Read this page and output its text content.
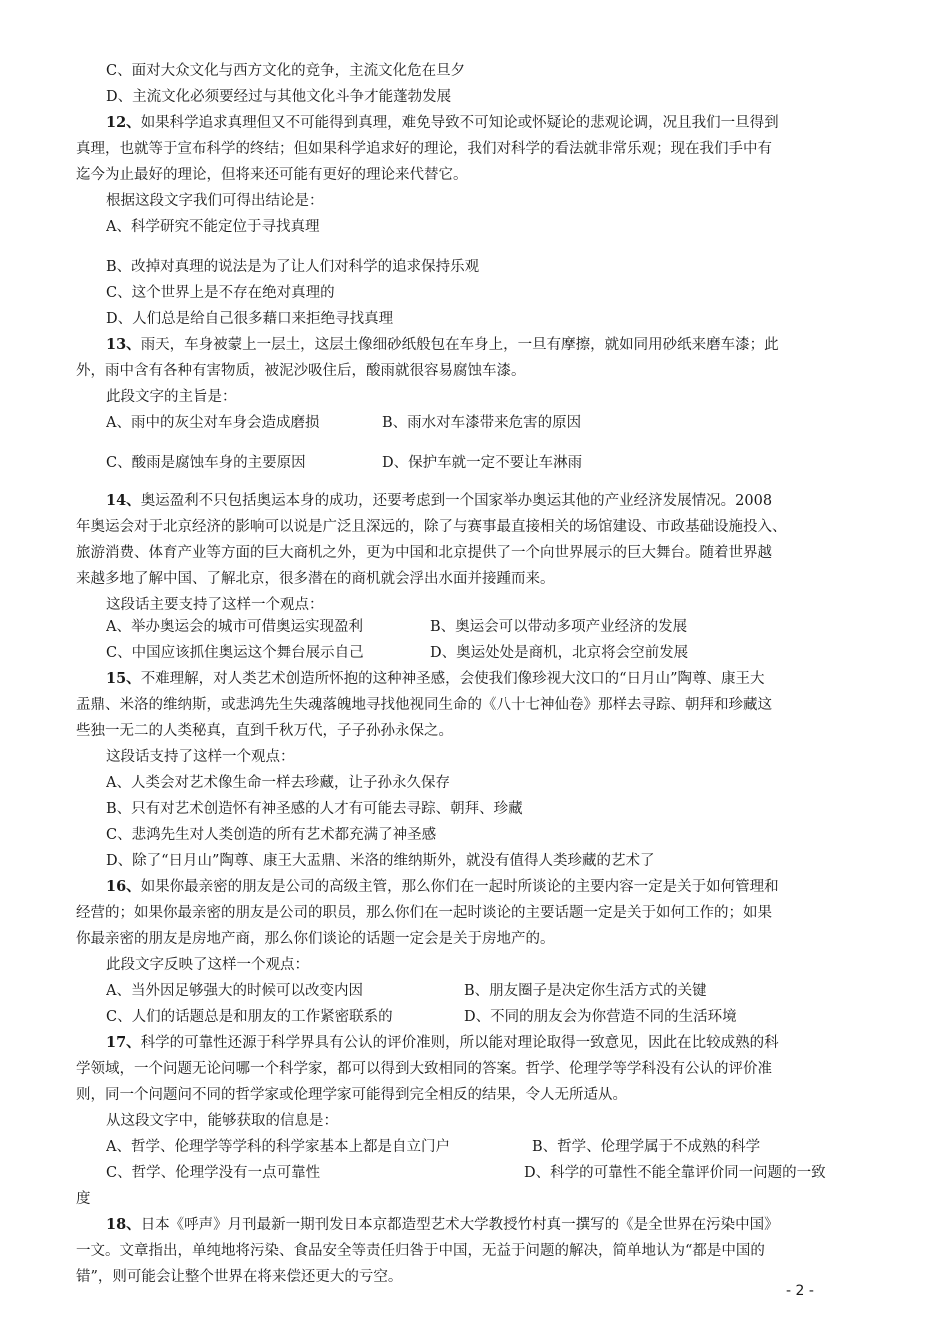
C、面对大众文化与西方文化的竞争，主流文化危在旦夕
D、主流文化必须要经过与其他文化斗争才能蓬勃发展
12、如果科学追求真理但又不可能得到真理，难免导致不可知论或怀疑论的悲观论调，况且我们一旦得到
真理，也就等于宣布科学的终结；但如果科学追求好的理论，我们对科学的看法就非常乐观；现在我们手中有
迄今为止最好的理论，但将来还可能有更好的理论来代替它。
根据这段文字我们可得出结论是：
A、科学研究不能定位于寻找真理
B、改掉对真理的说法是为了让人们对科学的追求保持乐观
C、这个世界上是不存在绝对真理的
D、人们总是给自己很多藉口来拒绝寻找真理
13、雨天，车身被蒙上一层土，这层土像细砂纸般包在车身上，一旦有摩擦，就如同用砂纸来磨车漆；此
外，雨中含有各种有害物质，被泥沙吸住后，酸雨就很容易腐蚀车漆。
此段文字的主旨是：
A、雨中的灰尘对车身会造成磨损	B、雨水对车漆带来危害的原因
C、酸雨是腐蚀车身的主要原因	D、保护车就一定不要让车淋雨
14、奥运盈利不只包括奥运本身的成功，还要考虑到一个国家举办奥运其他的产业经济发展情况。2008
年奥运会对于北京经济的影响可以说是广泛且深远的，除了与赛事最直接相关的场馆建设、市政基础设施投入、
旅游消费、体育产业等方面的巨大商机之外，更为中国和北京提供了一个向世界展示的巨大舞台。随着世界越
来越多地了解中国、了解北京，很多潜在的商机就会浮出水面并接踵而来。
这段话主要支持了这样一个观点：
A、举办奥运会的城市可借奥运实现盈利	B、奥运会可以带动多项产业经济的发展
C、中国应该抓住奥运这个舞台展示自己	D、奥运处处是商机，北京将会空前发展
15、不难理解，对人类艺术创造所怀抱的这种神圣感，会使我们像珍视大汶口的“日月山”陶尊、康王大
盂鼎、米洛的维纳斯，或悲鸿先生失魂落魄地寻找他视同生命的《八十七神仙卷》那样去寻踪、朝拜和珍藏这
些独一无二的人类秘真，直到千秋万代，子子孙孙永保之。
这段话支持了这样一个观点：
A、人类会对艺术像生命一样去珍藏，让子孙永久保存
B、只有对艺术创造怀有神圣感的人才有可能去寻踪、朝拜、珍藏
C、悲鸿先生对人类创造的所有艺术都充满了神圣感
D、除了“日月山”陶尊、康王大盂鼎、米洛的维纳斯外，就没有值得人类珍藏的艺术了
16、如果你最亲密的朋友是公司的高级主管，那么你们在一起时所谈论的主要内容一定是关于如何管理和
经营的；如果你最亲密的朋友是公司的职员，那么你们在一起时谈论的主要话题一定是关于如何工作的；如果
你最亲密的朋友是房地产商，那么你们谈论的话题一定会是关于房地产的。
此段文字反映了这样一个观点：
A、当外因足够强大的时候可以改变内因	B、朋友圈子是决定你生活方式的关键
C、人们的话题总是和朋友的工作紧密联系的	D、不同的朋友会为你营造不同的生活环境
17、科学的可靠性还源于科学界具有公认的评价准则，所以能对理论取得一致意见，因此在比较成熟的科
学领域，一个问题无论问哪一个科学家，都可以得到大致相同的答案。哲学、伦理学等学科没有公认的评价准
则，同一个问题问不同的哲学家或伦理学家可能得到完全相反的结果，令人无所适从。
从这段文字中，能够获取的信息是：
A、哲学、伦理学等学科的科学家基本上都是自立门户	B、哲学、伦理学属于不成熟的科学
C、哲学、伦理学没有一点可靠性	D、科学的可靠性不能全靠评价同一问题的一致
度
18、日本《呼声》月刊最新一期刊发日本京都造型艺术大学教授竹村真一撰写的《是全世界在污染中国》
一文。文章指出，单纯地将污染、食品安全等责任归咎于中国，无益于问题的解决，简单地认为“都是中国的
错”，则可能会让整个世界在将来偿还更大的亏空。
- 2 -
